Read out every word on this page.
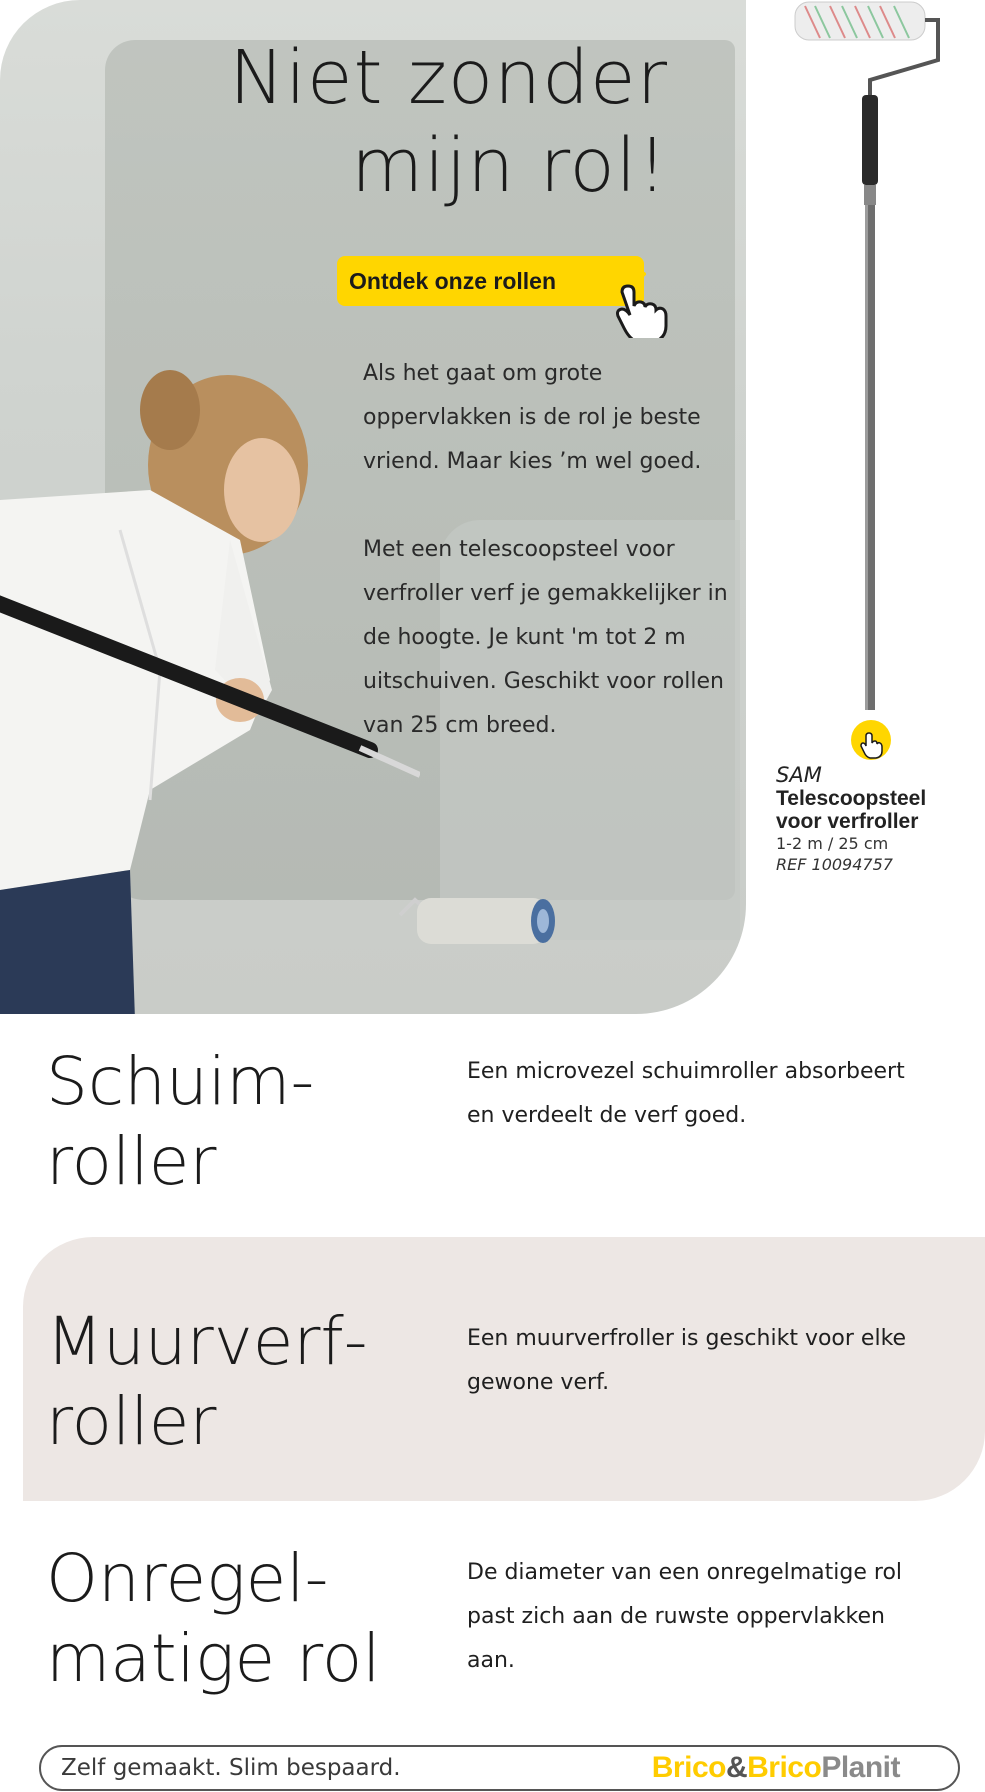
Niet zonder
mijn rol!
Ontdek onze rollen

Als het gaat om grote oppervlakken is de rol je beste vriend. Maar kies ’m wel goed.

Met een telescoopsteel voor verfroller verf je gemakkelijker in de hoogte. Je kunt 'm tot 2 m uitschuiven. Geschikt voor rollen van 25 cm breed.

SAM
Telescoopsteel voor verfroller
1-2 m / 25 cm
REF 10094757
Schuim-
roller

Een microvezel schuimroller absorbeert en verdeelt de verf goed.

Muurverf-
roller

Een muurverfroller is geschikt voor elke gewone verf.

Onregel-
matige rol

De diameter van een onregelmatige rol past zich aan de ruwste oppervlakken aan.

Zelf gemaakt. Slim bespaard.	Brico&BricoPlanit
